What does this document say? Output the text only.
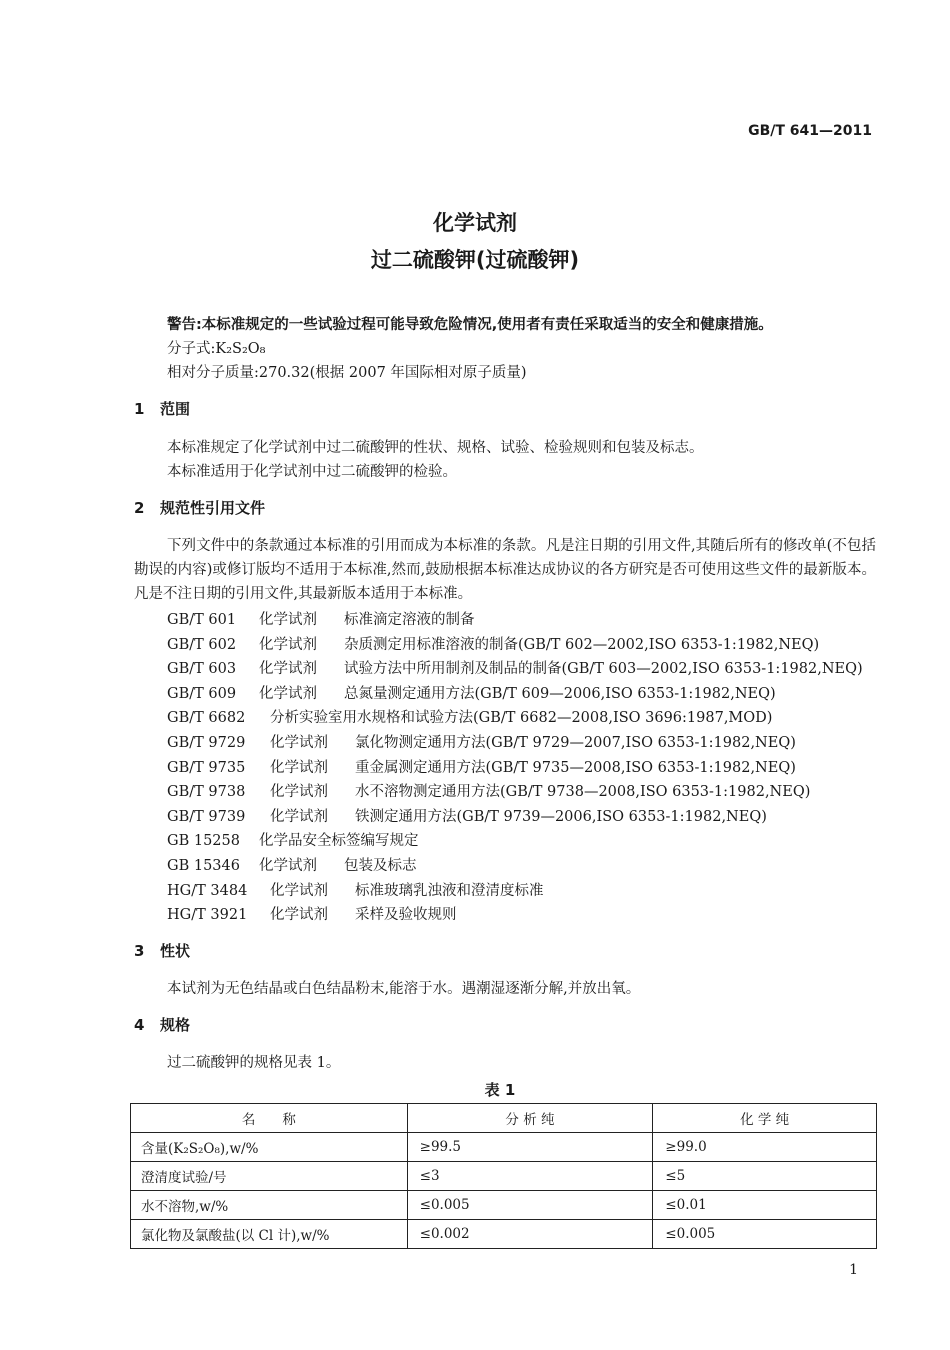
GB/T 641—2011
化学试剂
过二硫酸钾(过硫酸钾)
警告:本标准规定的一些试验过程可能导致危险情况,使用者有责任采取适当的安全和健康措施。
分子式:K₂S₂O₈
相对分子质量:270.32(根据 2007 年国际相对原子质量)
1 范围
本标准规定了化学试剂中过二硫酸钾的性状、规格、试验、检验规则和包装及标志。
本标准适用于化学试剂中过二硫酸钾的检验。
2 规范性引用文件
下列文件中的条款通过本标准的引用而成为本标准的条款。凡是注日期的引用文件,其随后所有的修改单(不包括勘误的内容)或修订版均不适用于本标准,然而,鼓励根据本标准达成协议的各方研究是否可使用这些文件的最新版本。凡是不注日期的引用文件,其最新版本适用于本标准。
GB/T 601 化学试剂 标准滴定溶液的制备
GB/T 602 化学试剂 杂质测定用标准溶液的制备(GB/T 602—2002,ISO 6353-1:1982,NEQ)
GB/T 603 化学试剂 试验方法中所用制剂及制品的制备(GB/T 603—2002,ISO 6353-1:1982,NEQ)
GB/T 609 化学试剂 总氮量测定通用方法(GB/T 609—2006,ISO 6353-1:1982,NEQ)
GB/T 6682 分析实验室用水规格和试验方法(GB/T 6682—2008,ISO 3696:1987,MOD)
GB/T 9729 化学试剂 氯化物测定通用方法(GB/T 9729—2007,ISO 6353-1:1982,NEQ)
GB/T 9735 化学试剂 重金属测定通用方法(GB/T 9735—2008,ISO 6353-1:1982,NEQ)
GB/T 9738 化学试剂 水不溶物测定通用方法(GB/T 9738—2008,ISO 6353-1:1982,NEQ)
GB/T 9739 化学试剂 铁测定通用方法(GB/T 9739—2006,ISO 6353-1:1982,NEQ)
GB 15258 化学品安全标签编写规定
GB 15346 化学试剂 包装及标志
HG/T 3484 化学试剂 标准玻璃乳浊液和澄清度标准
HG/T 3921 化学试剂 采样及验收规则
3 性状
本试剂为无色结晶或白色结晶粉末,能溶于水。遇潮湿逐渐分解,并放出氧。
4 规格
过二硫酸钾的规格见表 1。
表 1
名　　称	分 析 纯	化 学 纯
含量(K₂S₂O₈),w/%	≥99.5	≥99.0
澄清度试验/号	≤3	≤5
水不溶物,w/%	≤0.005	≤0.01
氯化物及氯酸盐(以 Cl 计),w/%	≤0.002	≤0.005
1
